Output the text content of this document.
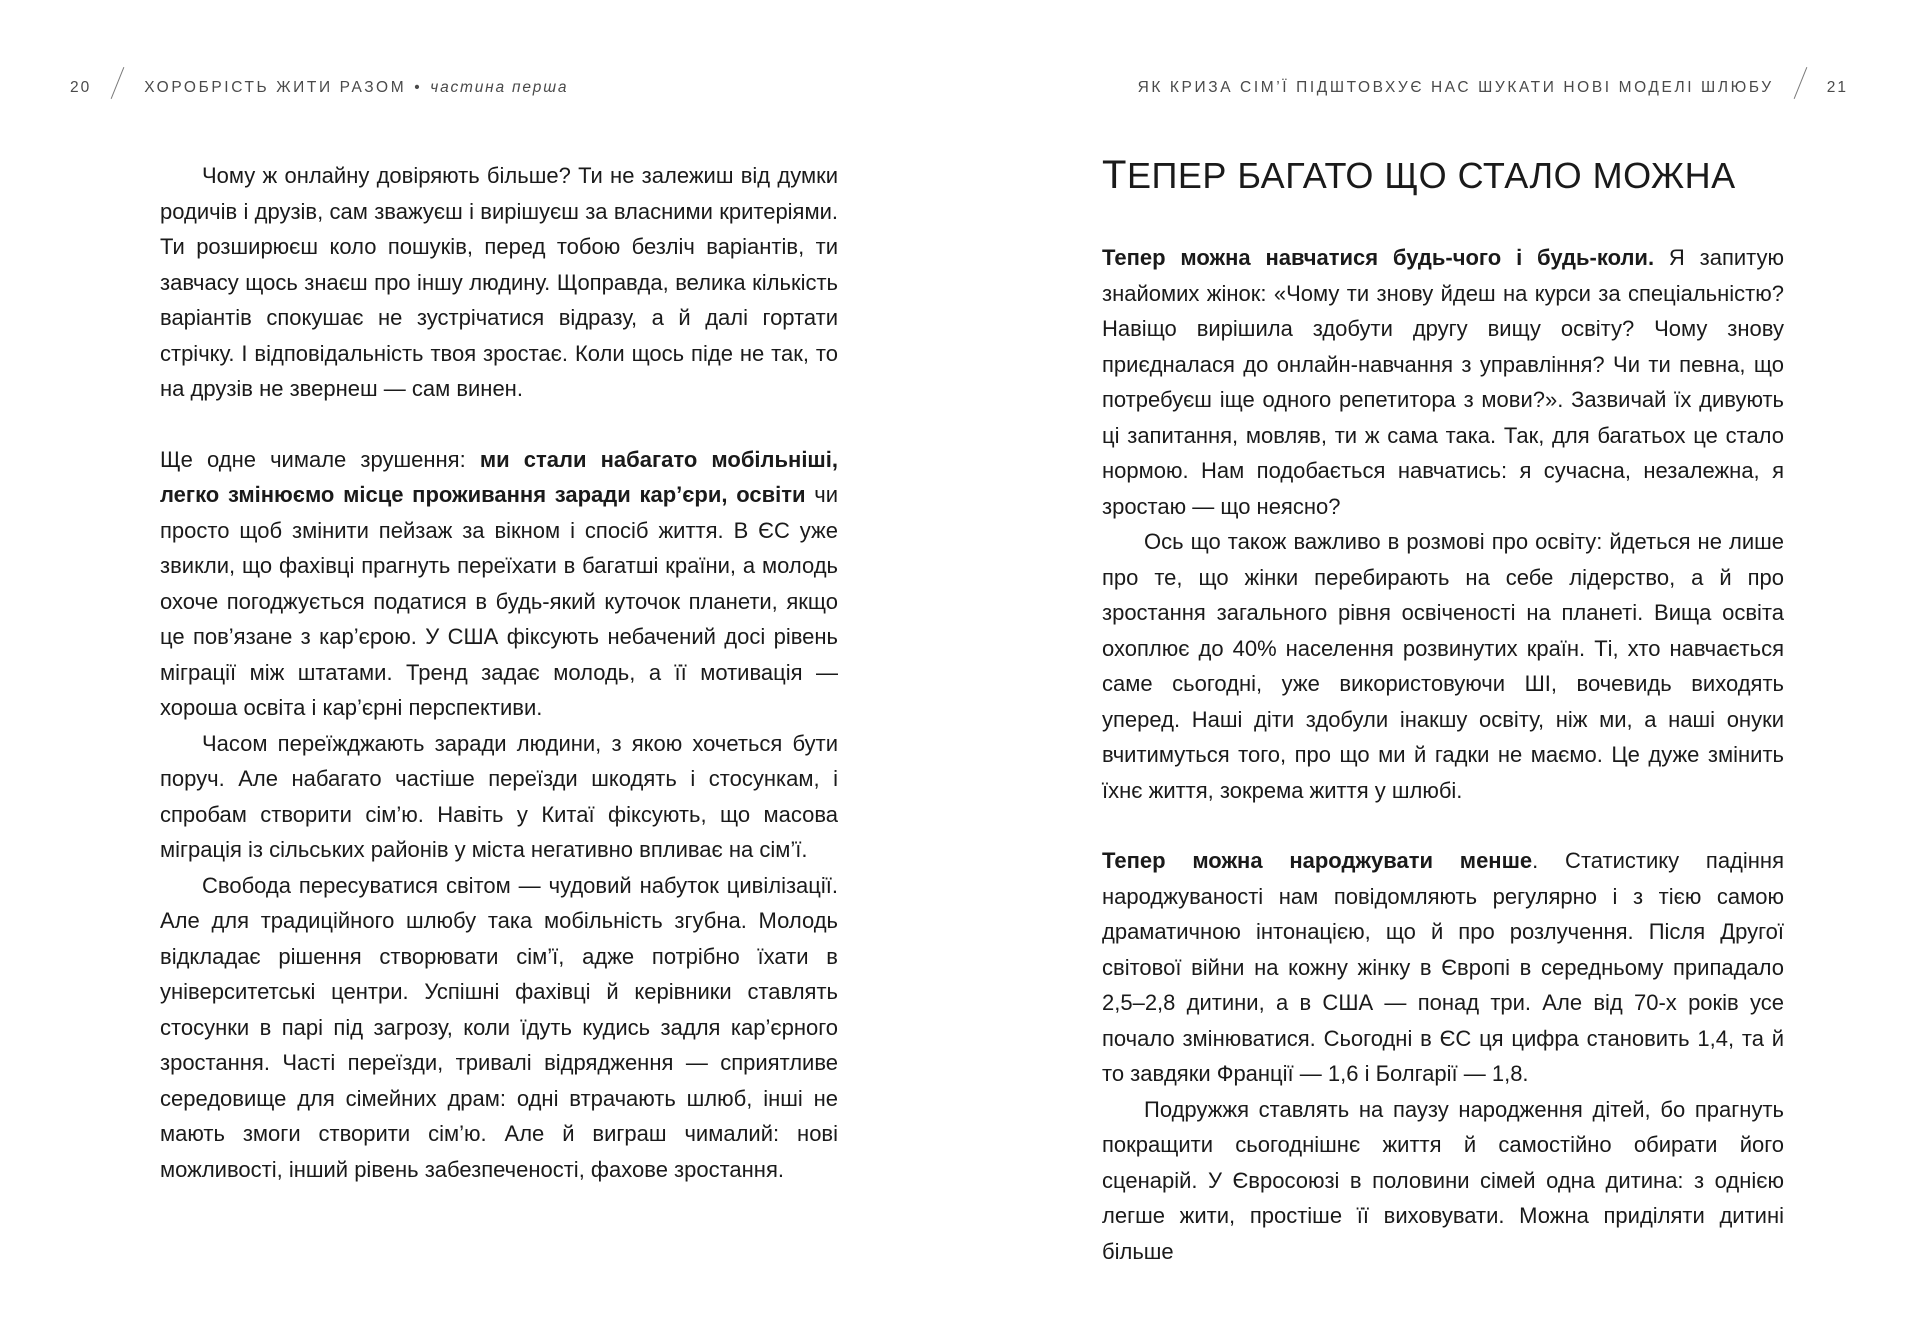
20	ХОРОБРІСТЬ ЖИТИ РАЗОМ • частина перша	ЯК КРИЗА СІМ’Ї ПІДШТОВХУЄ НАС ШУКАТИ НОВІ МОДЕЛІ ШЛЮБУ	21

Чому ж онлайну довіряють більше? Ти не залежиш від думки родичів і друзів, сам зважуєш і вирішуєш за власними критеріями. Ти розширюєш коло пошуків, перед тобою безліч варіантів, ти завчасу щось знаєш про іншу людину. Щоправда, велика кількість варіантів спокушає не зустрічатися відразу, а й далі гортати стрічку. І відповідальність твоя зростає. Коли щось піде не так, то на друзів не звернеш — сам винен.

Ще одне чимале зрушення: ми стали набагато мобільніші, легко змінюємо місце проживання заради кар’єри, освіти чи просто щоб змінити пейзаж за вікном і спосіб життя. В ЄС уже звикли, що фахівці прагнуть переїхати в багатші країни, а молодь охоче погоджується податися в будь-який куточок планети, якщо це пов’язане з кар’єрою. У США фіксують небачений досі рівень міграції між штатами. Тренд задає молодь, а її мотивація — хороша освіта і кар’єрні перспективи.

Часом переїжджають заради людини, з якою хочеться бути поруч. Але набагато частіше переїзди шкодять і стосункам, і спробам створити сім’ю. Навіть у Китаї фіксують, що масова міграція із сільських районів у міста негативно впливає на сім’ї.

Свобода пересуватися світом — чудовий набуток цивілізації. Але для традиційного шлюбу така мобільність згубна. Молодь відкладає рішення створювати сім’ї, адже потрібно їхати в університетські центри. Успішні фахівці й керівники ставлять стосунки в парі під загрозу, коли їдуть кудись задля кар’єрного зростання. Часті переїзди, тривалі відрядження — сприятливе середовище для сімейних драм: одні втрачають шлюб, інші не мають змоги створити сім’ю. Але й виграш чималий: нові можливості, інший рівень забезпеченості, фахове зростання.

ТЕПЕР БАГАТО ЩО СТАЛО МОЖНА

Тепер можна навчатися будь-чого і будь-коли. Я запитую знайомих жінок: «Чому ти знову йдеш на курси за спеціальністю? Навіщо вирішила здобути другу вищу освіту? Чому знову приєдналася до онлайн-навчання з управління? Чи ти певна, що потребуєш іще одного репетитора з мови?». Зазвичай їх дивують ці запитання, мовляв, ти ж сама така. Так, для багатьох це стало нормою. Нам подобається навчатись: я сучасна, незалежна, я зростаю — що неясно?

Ось що також важливо в розмові про освіту: йдеться не лише про те, що жінки перебирають на себе лідерство, а й про зростання загального рівня освіченості на планеті. Вища освіта охоплює до 40% населення розвинутих країн. Ті, хто навчається саме сьогодні, уже використовуючи ШІ, вочевидь виходять уперед. Наші діти здобули інакшу освіту, ніж ми, а наші онуки вчитимуться того, про що ми й гадки не маємо. Це дуже змінить їхнє життя, зокрема життя у шлюбі.

Тепер можна народжувати менше. Статистику падіння народжуваності нам повідомляють регулярно і з тією самою драматичною інтонацією, що й про розлучення. Після Другої світової війни на кожну жінку в Європі в середньому припадало 2,5–2,8 дитини, а в США — понад три. Але від 70-х років усе почало змінюватися. Сьогодні в ЄС ця цифра становить 1,4, та й то завдяки Франції — 1,6 і Болгарії — 1,8.

Подружжя ставлять на паузу народження дітей, бо прагнуть покращити сьогоднішнє життя й самостійно обирати його сценарій. У Євросоюзі в половини сімей одна дитина: з однією легше жити, простіше її виховувати. Можна приділяти дитині більше
